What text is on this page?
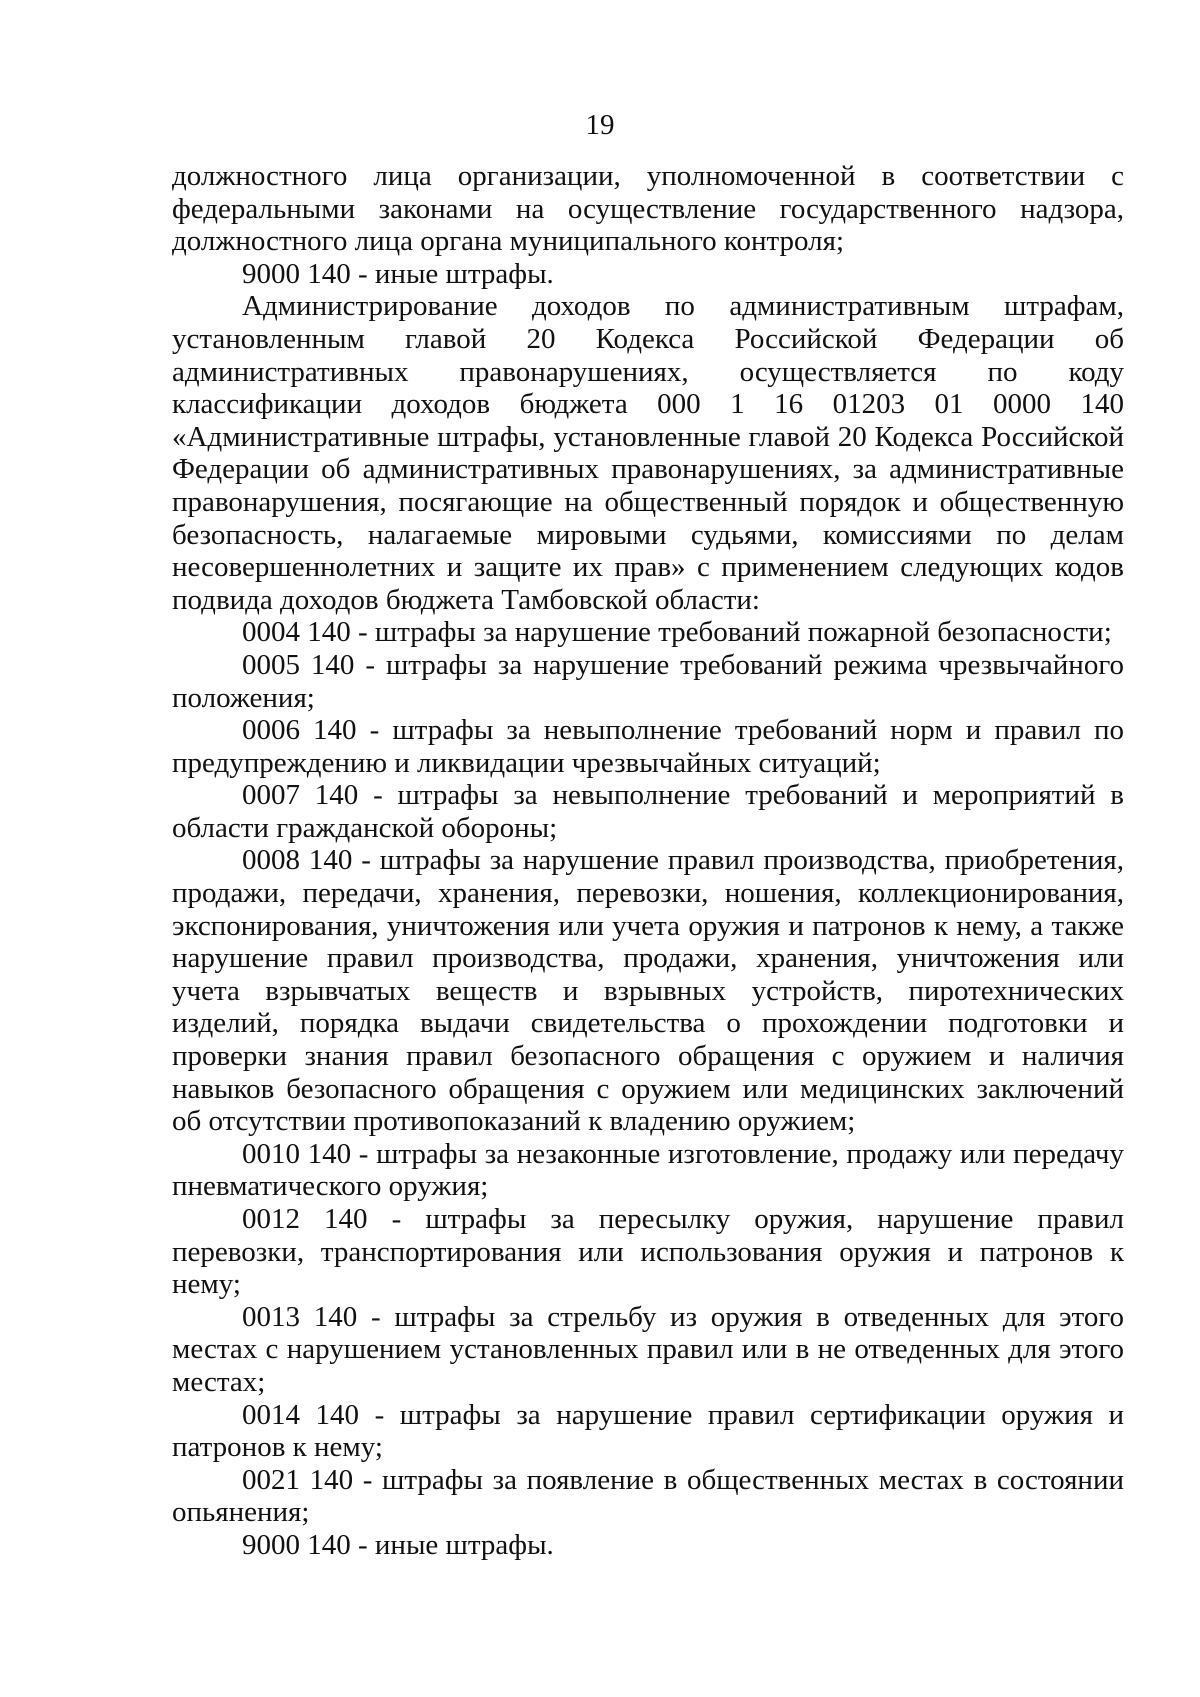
19

должностного лица организации, уполномоченной в соответствии с федеральными законами на осуществление государственного надзора, должностного лица органа муниципального контроля;

9000 140 - иные штрафы.

Администрирование доходов по административным штрафам, установленным главой 20 Кодекса Российской Федерации об административных правонарушениях, осуществляется по коду классификации доходов бюджета 000 1 16 01203 01 0000 140 «Административные штрафы, установленные главой 20 Кодекса Российской Федерации об административных правонарушениях, за административные правонарушения, посягающие на общественный порядок и общественную безопасность, налагаемые мировыми судьями, комиссиями по делам несовершеннолетних и защите их прав» с применением следующих кодов подвида доходов бюджета Тамбовской области:

0004 140 - штрафы за нарушение требований пожарной безопасности;

0005 140 - штрафы за нарушение требований режима чрезвычайного положения;

0006 140 - штрафы за невыполнение требований норм и правил по предупреждению и ликвидации чрезвычайных ситуаций;

0007 140 - штрафы за невыполнение требований и мероприятий в области гражданской обороны;

0008 140 - штрафы за нарушение правил производства, приобретения, продажи, передачи, хранения, перевозки, ношения, коллекционирования, экспонирования, уничтожения или учета оружия и патронов к нему, а также нарушение правил производства, продажи, хранения, уничтожения или учета взрывчатых веществ и взрывных устройств, пиротехнических изделий, порядка выдачи свидетельства о прохождении подготовки и проверки знания правил безопасного обращения с оружием и наличия навыков безопасного обращения с оружием или медицинских заключений об отсутствии противопоказаний к владению оружием;

0010 140 - штрафы за незаконные изготовление, продажу или передачу пневматического оружия;

0012 140 - штрафы за пересылку оружия, нарушение правил перевозки, транспортирования или использования оружия и патронов к нему;

0013 140 - штрафы за стрельбу из оружия в отведенных для этого местах с нарушением установленных правил или в не отведенных для этого местах;

0014 140 - штрафы за нарушение правил сертификации оружия и патронов к нему;

0021 140 - штрафы за появление в общественных местах в состоянии опьянения;

9000 140 - иные штрафы.
